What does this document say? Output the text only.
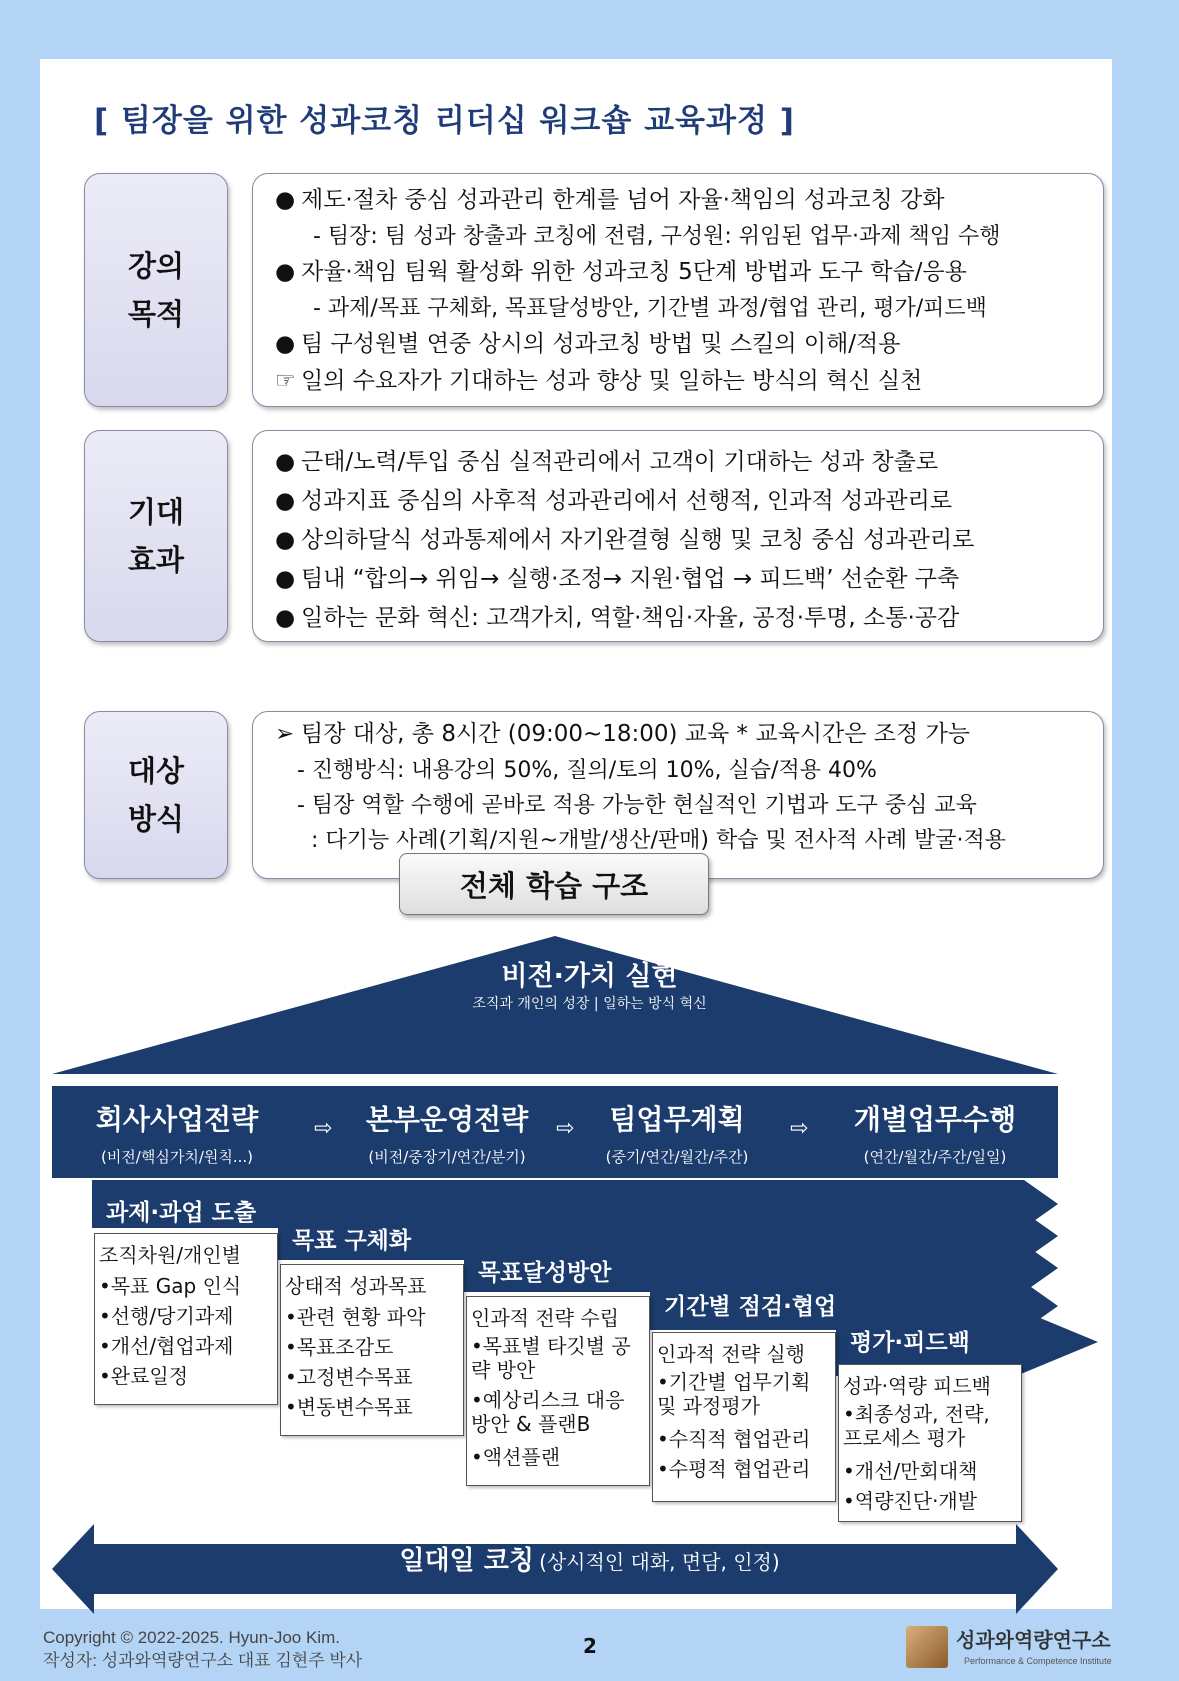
[ 팀장을 위한 성과코칭 리더십 워크숍 교육과정 ]
강의
목적
● 제도·절차 중심 성과관리 한계를 넘어 자율·책임의 성과코칭 강화
- 팀장: 팀 성과 창출과 코칭에 전렴, 구성원: 위임된 업무·과제 책임 수행
● 자율·책임 팀웍 활성화 위한 성과코칭 5단계 방법과 도구 학습/응용
- 과제/목표 구체화, 목표달성방안, 기간별 과정/협업 관리, 평가/피드백
● 팀 구성원별 연중 상시의 성과코칭 방법 및 스킬의 이해/적용
☞ 일의 수요자가 기대하는 성과 향상 및 일하는 방식의 혁신 실천
기대
효과
● 근태/노력/투입 중심 실적관리에서 고객이 기대하는 성과 창출로
● 성과지표 중심의 사후적 성과관리에서 선행적, 인과적 성과관리로
● 상의하달식 성과통제에서 자기완결형 실행 및 코칭 중심 성과관리로
● 팀내 “합의→ 위임→ 실행·조정→ 지원·협업 → 피드백’ 선순환 구축
● 일하는 문화 혁신: 고객가치, 역할·책임·자율, 공정·투명, 소통·공감
대상
방식
➢ 팀장 대상, 총 8시간 (09:00~18:00) 교육 * 교육시간은 조정 가능
- 진행방식: 내용강의 50%, 질의/토의 10%, 실습/적용 40%
- 팀장 역할 수행에 곧바로 적용 가능한 현실적인 기법과 도구 중심 교육
: 다기능 사례(기획/지원~개발/생산/판매) 학습 및 전사적 사례 발굴·적용
전체 학습 구조
비전·가치 실현
조직과 개인의 성장 | 일하는 방식 혁신
회사사업전략
(비전/핵심가치/원칙...)
⇨ 본부운영전략
(비전/중장기/연간/분기)
⇨ 팀업무계획
(중기/연간/월간/주간)
⇨ 개별업무수행
(연간/월간/주간/일일)
과제·과업 도출
목표 구체화
목표달성방안
기간별 점검·협업
평가·피드백
조직차원/개인별
•목표 Gap 인식
•선행/당기과제
•개선/협업과제
•완료일정
상태적 성과목표
•관련 현황 파악
•목표조감도
•고정변수목표
•변동변수목표
인과적 전략 수립
•목표별 타깃별 공략 방안
•예상리스크 대응 방안 & 플랜B
•액션플랜
인과적 전략 실행
•기간별 업무기획 및 과정평가
•수직적 협업관리
•수평적 협업관리
성과·역량 피드백
•최종성과, 전략, 프로세스 평가
•개선/만회대책
•역량진단·개발
일대일 코칭 (상시적인 대화, 면담, 인정)
Copyright © 2022-2025. Hyun-Joo Kim.
작성자: 성과와역량연구소 대표 김현주 박사
2	성과와역량연구소
Performance & Competence Institute
